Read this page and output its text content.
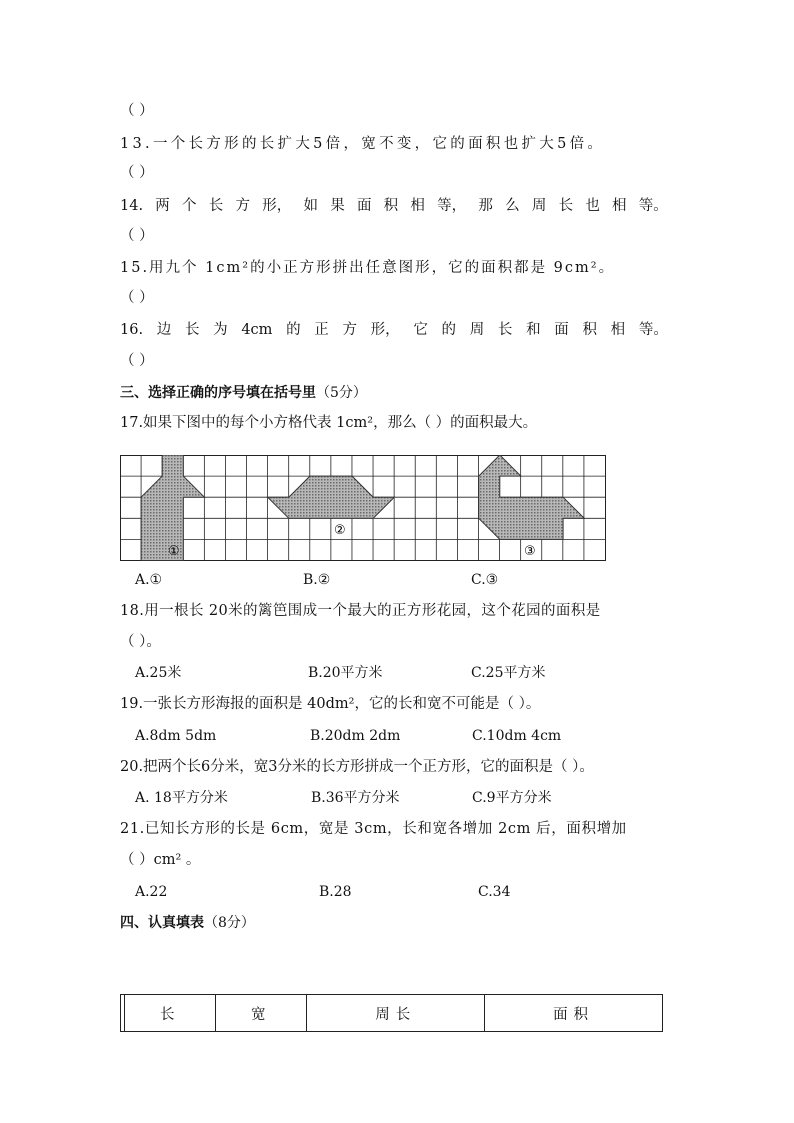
（ ）
13.一个长方形的长扩大5倍，宽不变，它的面积也扩大5倍。
（ ）
14. 两 个 长 方 形， 如 果 面 积 相 等， 那 么 周 长 也 相 等。
（ ）
15.用九个 1cm²的小正方形拼出任意图形，它的面积都是 9cm²。
（ ）
16. 边 长 为 4cm 的 正 方 形， 它 的 周 长 和 面 积 相 等。
（ ）
三、选择正确的序号填在括号里（5分）
17.如果下图中的每个小方格代表 1cm²，那么（ ）的面积最大。
①
②
③
A.①	B.②	C.③
18.用一根长 20米的篱笆围成一个最大的正方形花园，这个花园的面积是
（ ）。
A.25米	B.20平方米	C.25平方米
19.一张长方形海报的面积是 40dm²，它的长和宽不可能是（ ）。
A.8dm 5dm	B.20dm 2dm	C.10dm 4cm
20.把两个长6分米，宽3分米的长方形拼成一个正方形，它的面积是（ ）。
A. 18平方分米	B.36平方分米	C.9平方分米
21.已知长方形的长是 6cm，宽是 3cm，长和宽各增加 2cm 后，面积增加
（ ）cm² 。
A.22	B.28	C.34
四、认真填表（8分）
	长	宽	周长	面积
